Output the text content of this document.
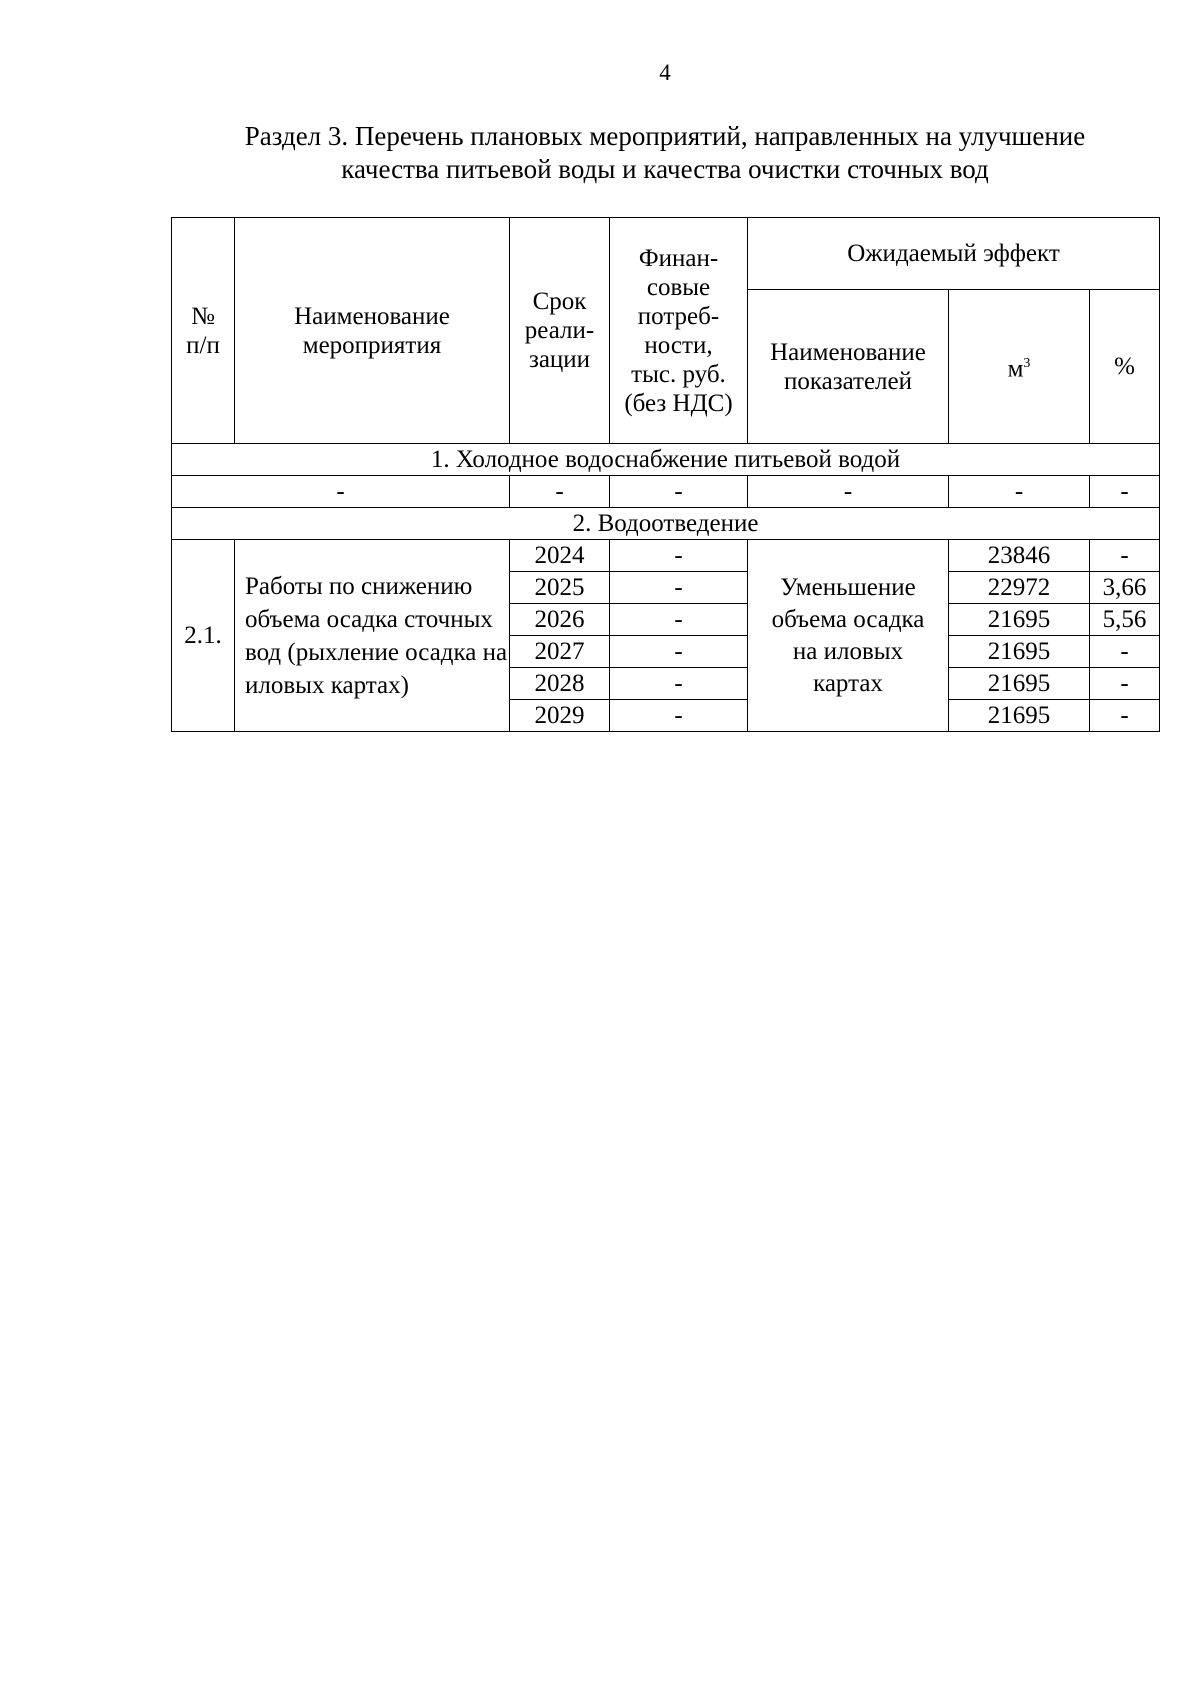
4
Раздел 3. Перечень плановых мероприятий, направленных на улучшение
качества питьевой воды и качества очистки сточных вод
№ п/п	Наименование мероприятия	Срок реали-зации	Финан-совые потреб-ности, тыс. руб. (без НДС)	Ожидаемый эффект		
				Наименование показателей	$м^3$	%
1. Холодное водоснабжение питьевой водой						
-		-	-	-	-	-
2. Водоотведение						
2.1.	Работы по снижению объема осадка сточных вод (рыхление осадка на иловых картах)	2024	-	Уменьшение объема осадка на иловых картах	23846	-
		2025	-		22972	3,66
		2026	-		21695	5,56
		2027	-		21695	-
		2028	-		21695	-
		2029	-		21695	-
